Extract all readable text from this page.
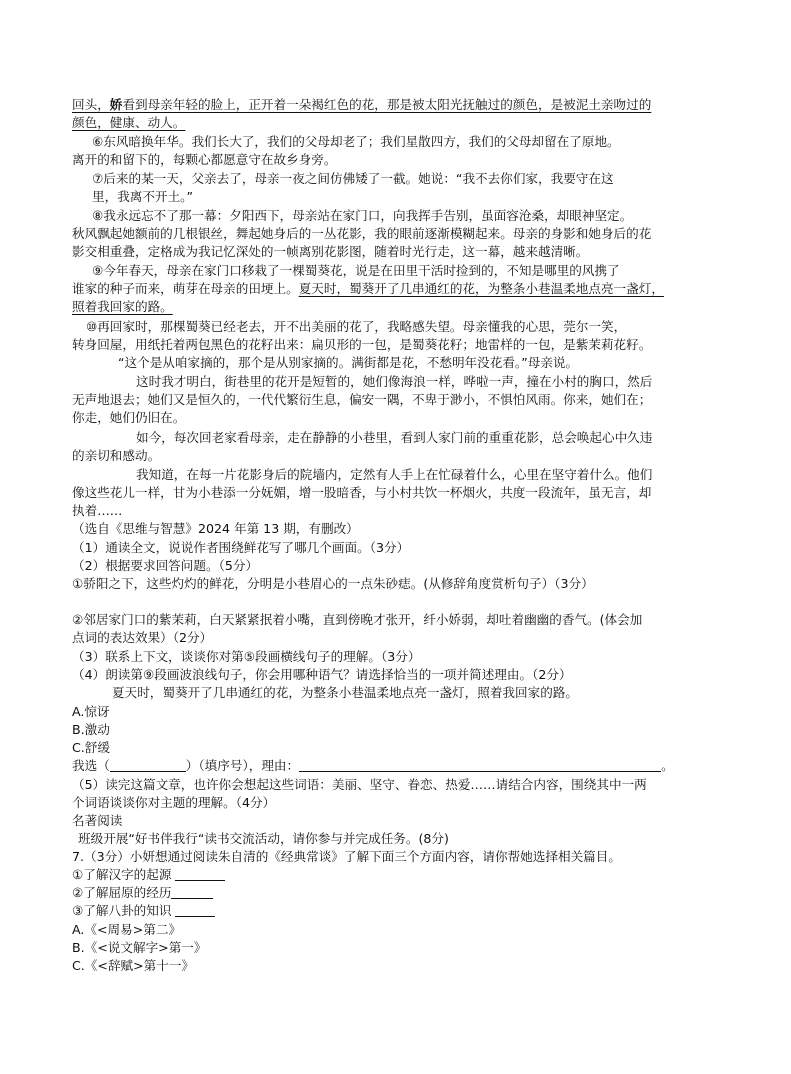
回头，娇看到母亲年轻的脸上，正开着一朵褐红色的花，那是被太阳光抚触过的颜色，是被泥土亲吻过的
颜色，健康、动人。
⑥东风暗换年华。我们长大了，我们的父母却老了；我们星散四方，我们的父母却留在了原地。
离开的和留下的，每颗心都愿意守在故乡身旁。
⑦后来的某一天，父亲去了，母亲一夜之间仿佛矮了一截。她说：“我不去你们家，我要守在这
里，我离不开土。”
⑧我永远忘不了那一幕：夕阳西下，母亲站在家门口，向我挥手告别，虽面容沧桑，却眼神坚定。
秋风飘起她额前的几根银丝，舞起她身后的一丛花影，我的眼前逐渐模糊起来。母亲的身影和她身后的花
影交相重叠，定格成为我记忆深处的一帧离别花影图，随着时光行走，这一幕，越来越清晰。
⑨今年春天，母亲在家门口移栽了一棵蜀葵花，说是在田里干活时捡到的，不知是哪里的风携了
谁家的种子而来，萌芽在母亲的田埂上。夏天时，蜀葵开了几串通红的花，为整条小巷温柔地点亮一盏灯，
照着我回家的路。
⑩再回家时，那棵蜀葵已经老去，开不出美丽的花了，我略感失望。母亲懂我的心思，莞尔一笑，
转身回屋，用纸托着两包黑色的花籽出来：扁贝形的一包，是蜀葵花籽；地雷样的一包，是紫茉莉花籽。
“这个是从咱家摘的，那个是从别家摘的。满街都是花，不愁明年没花看。”母亲说。
这时我才明白，街巷里的花开是短暂的，她们像海浪一样，哗啦一声，撞在小村的胸口，然后
无声地退去；她们又是恒久的，一代代繁衍生息，偏安一隅，不卑于渺小，不惧怕风雨。你来，她们在；
你走，她们仍旧在。
如今，每次回老家看母亲，走在静静的小巷里，看到人家门前的重重花影，总会唤起心中久违
的亲切和感动。
我知道，在每一片花影身后的院墙内，定然有人手上在忙碌着什么，心里在坚守着什么。他们
像这些花儿一样，甘为小巷添一分妩媚，增一股暗香，与小村共饮一杯烟火，共度一段流年，虽无言，却
执着……
（选自《思维与智慧》2024 年第 13 期，有删改）
（1）通读全文，说说作者围绕鲜花写了哪几个画面。（3分）
（2）根据要求回答问题。（5分）
①骄阳之下，这些灼灼的鲜花，分明是小巷眉心的一点朱砂痣。(从修辞角度赏析句子）（3分）
②邻居家门口的紫茉莉，白天紧紧抿着小嘴，直到傍晚才张开，纤小娇弱，却吐着幽幽的香气。(体会加
点词的表达效果）（2分）
（3）联系上下文，谈谈你对第⑤段画横线句子的理解。（3分）
（4）朗读第⑨段画波浪线句子，你会用哪种语气？请选择恰当的一项并简述理由。（2分）
夏天时，蜀葵开了几串通红的花，为整条小巷温柔地点亮一盏灯，照着我回家的路。
A.惊讶
B.激动
C.舒缓
我选（	）（填序号），理由：	。
（5）读完这篇文章，也许你会想起这些词语：美丽、坚守、眷恋、热爱……请结合内容，围绕其中一两
个词语谈谈你对主题的理解。（4分）
名著阅读
班级开展“好书伴我行“读书交流活动，请你参与并完成任务。(8分)
7.（3分）小妍想通过阅读朱自清的《经典常谈》了解下面三个方面内容，请你帮她选择相关篇目。
①了解汉字的起源
②了解屈原的经历
③了解八卦的知识
A.《<周易>第二》
B.《<说文解字>第一》
C.《<辞赋>第十一》
